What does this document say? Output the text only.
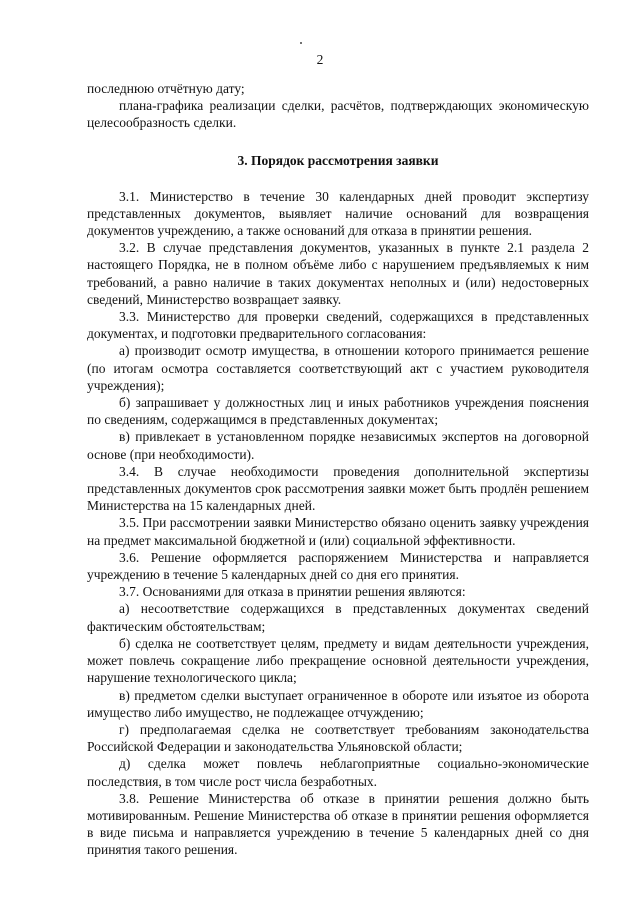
2

последнюю отчётную дату;

плана-графика реализации сделки, расчётов, подтверждающих экономическую целесообразность сделки.

3. Порядок рассмотрения заявки

3.1. Министерство в течение 30 календарных дней проводит экспертизу представленных документов, выявляет наличие оснований для возвращения документов учреждению, а также оснований для отказа в принятии решения.

3.2. В случае представления документов, указанных в пункте 2.1 раздела 2 настоящего Порядка, не в полном объёме либо с нарушением предъявляемых к ним требований, а равно наличие в таких документах неполных и (или) недостоверных сведений, Министерство возвращает заявку.

3.3. Министерство для проверки сведений, содержащихся в представленных документах, и подготовки предварительного согласования:

а) производит осмотр имущества, в отношении которого принимается решение (по итогам осмотра составляется соответствующий акт с участием руководителя учреждения);

б) запрашивает у должностных лиц и иных работников учреждения пояснения по сведениям, содержащимся в представленных документах;

в) привлекает в установленном порядке независимых экспертов на договорной основе (при необходимости).

3.4. В случае необходимости проведения дополнительной экспертизы представленных документов срок рассмотрения заявки может быть продлён решением Министерства на 15 календарных дней.

3.5. При рассмотрении заявки Министерство обязано оценить заявку учреждения на предмет максимальной бюджетной и (или) социальной эффективности.

3.6. Решение оформляется распоряжением Министерства и направляется учреждению в течение 5 календарных дней со дня его принятия.

3.7. Основаниями для отказа в принятии решения являются:

а) несоответствие содержащихся в представленных документах сведений фактическим обстоятельствам;

б) сделка не соответствует целям, предмету и видам деятельности учреждения, может повлечь сокращение либо прекращение основной деятельности учреждения, нарушение технологического цикла;

в) предметом сделки выступает ограниченное в обороте или изъятое из оборота имущество либо имущество, не подлежащее отчуждению;

г) предполагаемая сделка не соответствует требованиям законодательства Российской Федерации и законодательства Ульяновской области;

д) сделка может повлечь неблагоприятные социально-экономические последствия, в том числе рост числа безработных.

3.8. Решение Министерства об отказе в принятии решения должно быть мотивированным. Решение Министерства об отказе в принятии решения оформляется в виде письма и направляется учреждению в течение 5 календарных дней со дня принятия такого решения.
